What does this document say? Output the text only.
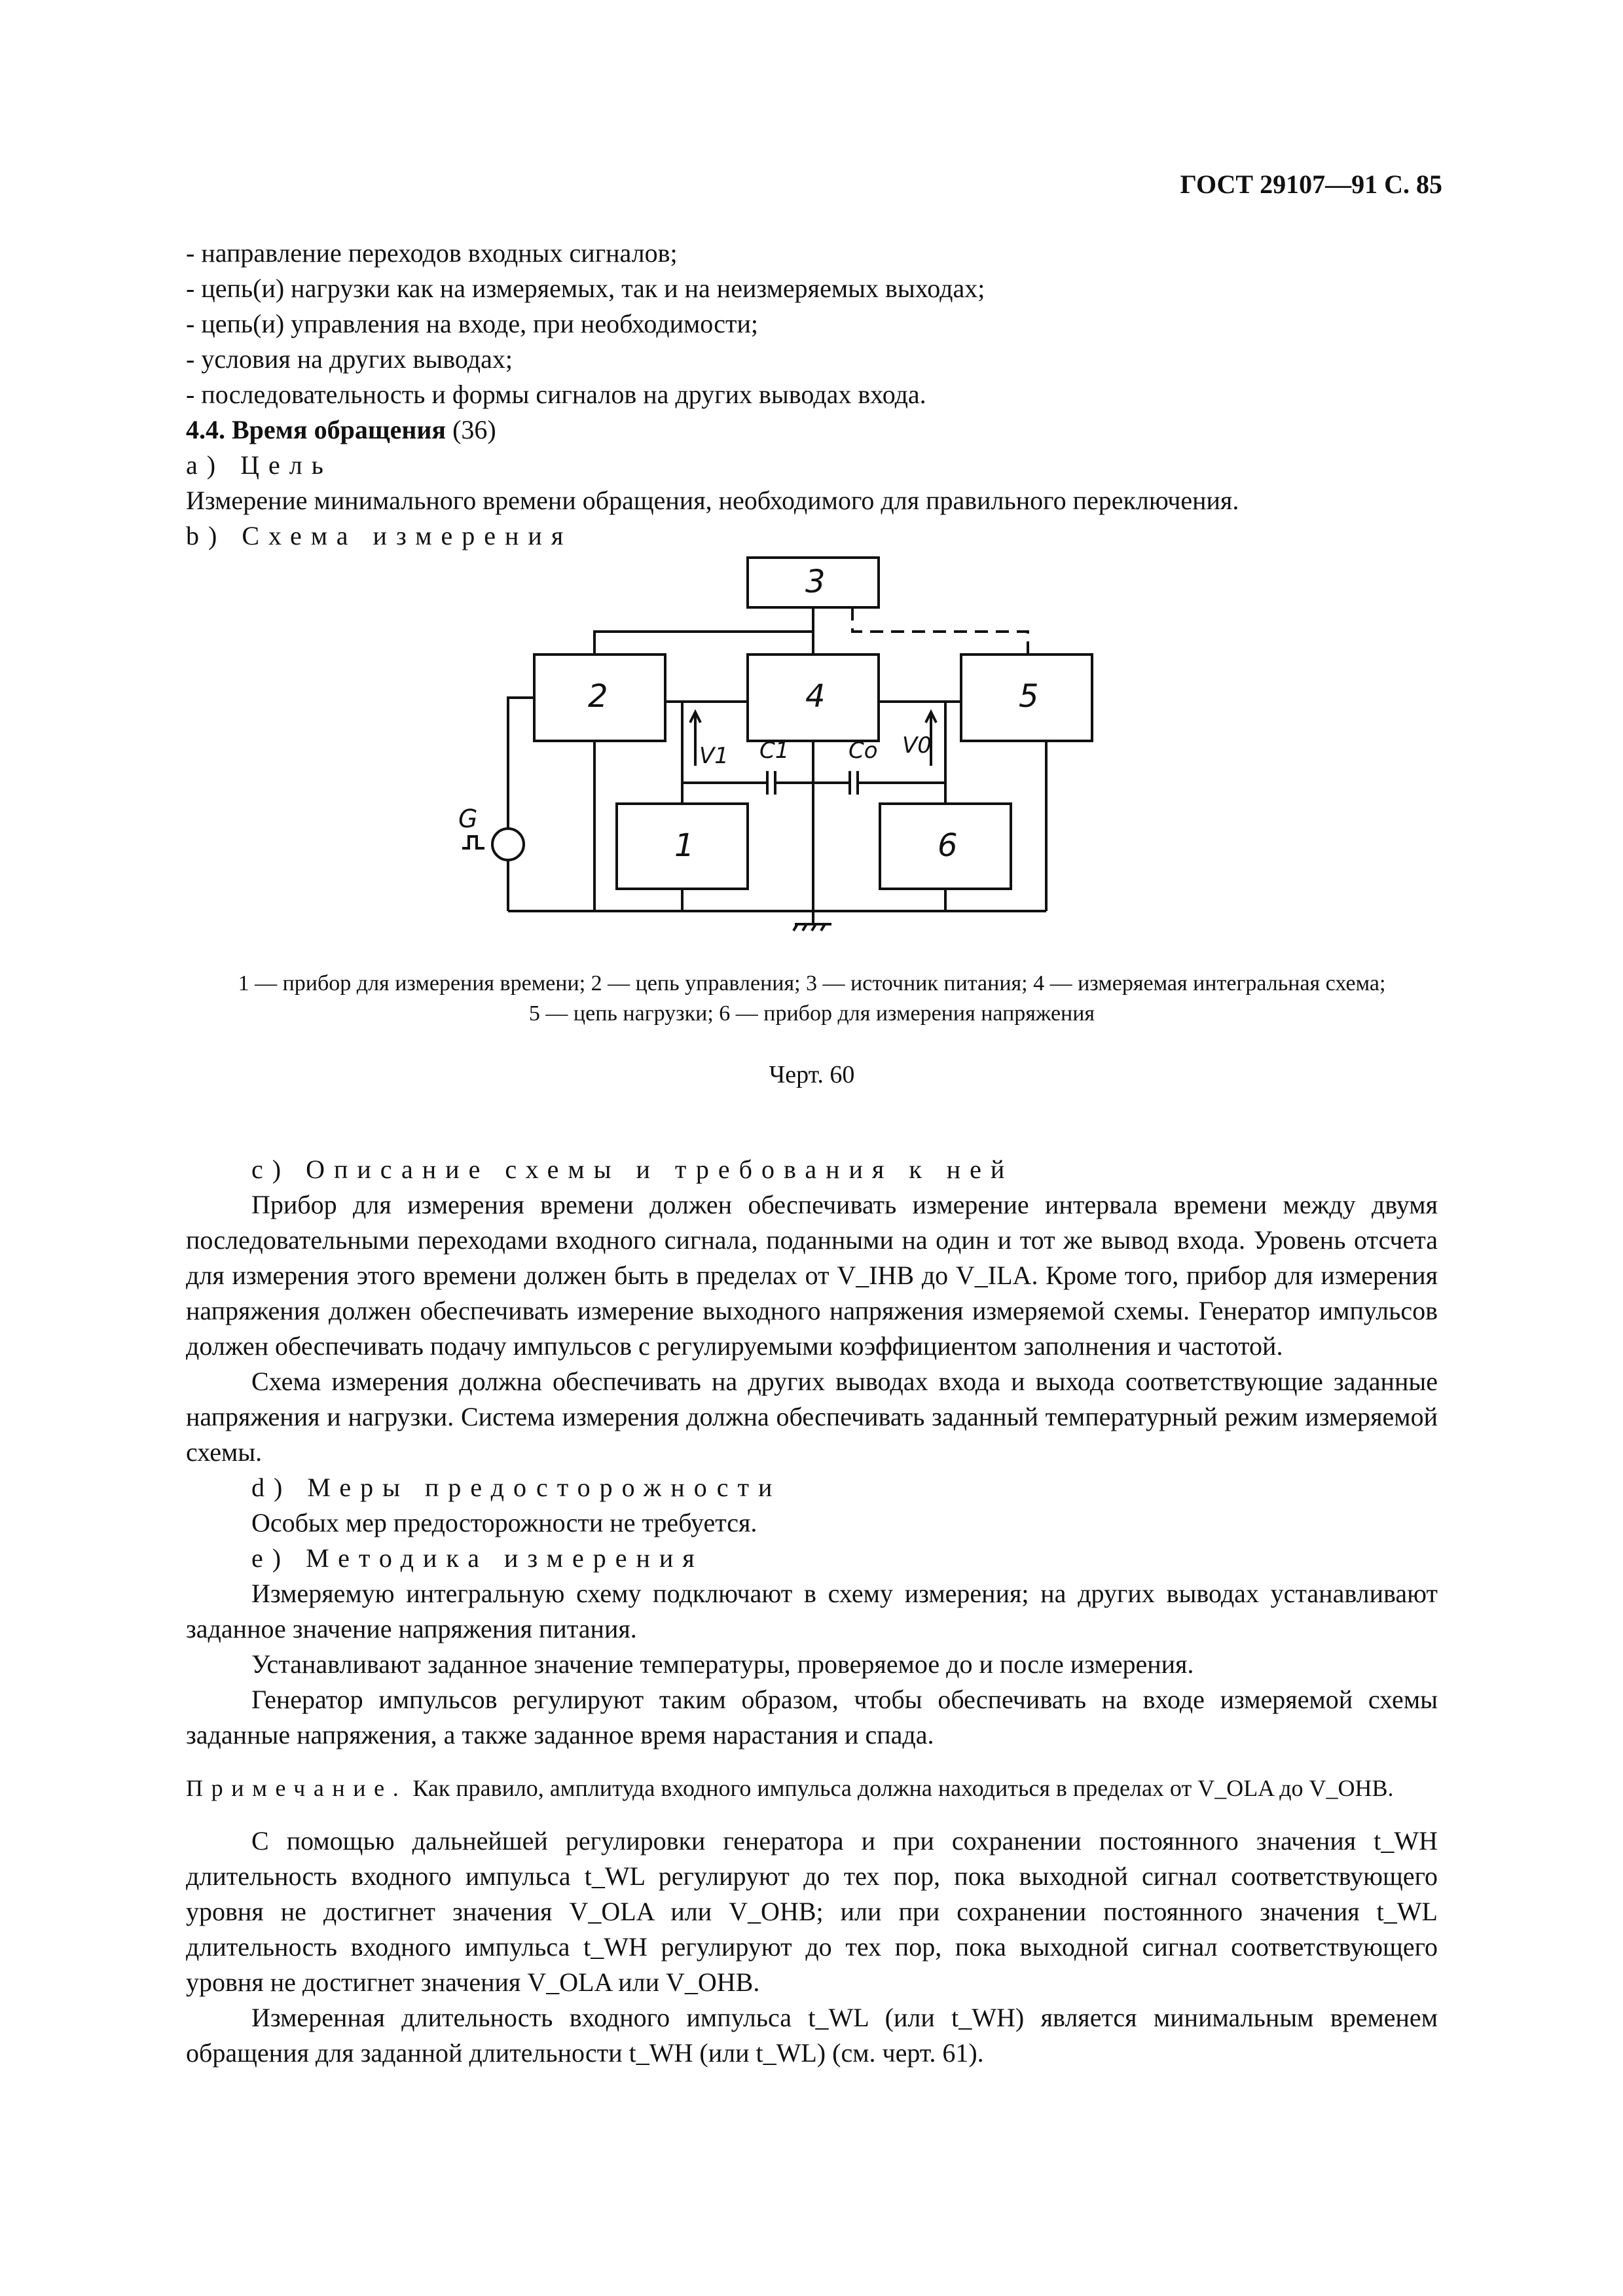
ГОСТ 29107—91 С. 85
- направление переходов входных сигналов;
- цепь(и) нагрузки как на измеряемых, так и на неизмеряемых выходах;
- цепь(и) управления на входе, при необходимости;
- условия на других выводах;
- последовательность и формы сигналов на других выводах входа.
4.4. Время обращения (36)
а) Цель
Измерение минимального времени обращения, необходимого для правильного переключения.
b) Схема измерения
3
2	4	5
1	6
G
V1 C1	Co V0
1 — прибор для измерения времени; 2 — цепь управления; 3 — источник питания; 4 — измеряемая интегральная схема;
5 — цепь нагрузки; 6 — прибор для измерения напряжения
Черт. 60
с) Описание схемы и требования к ней
Прибор для измерения времени должен обеспечивать измерение интервала времени между двумя последовательными переходами входного сигнала, поданными на один и тот же вывод входа. Уровень отсчета для измерения этого времени должен быть в пределах от V_IHB до V_ILA. Кроме того, прибор для измерения напряжения должен обеспечивать измерение выходного напряжения измеряемой схемы. Генератор импульсов должен обеспечивать подачу импульсов с регулируемыми коэффициентом заполнения и частотой.
Схема измерения должна обеспечивать на других выводах входа и выхода соответствующие заданные напряжения и нагрузки. Система измерения должна обеспечивать заданный температурный режим измеряемой схемы.
d) Меры предосторожности
Особых мер предосторожности не требуется.
е) Методика измерения
Измеряемую интегральную схему подключают в схему измерения; на других выводах устанавливают заданное значение напряжения питания.
Устанавливают заданное значение температуры, проверяемое до и после измерения.
Генератор импульсов регулируют таким образом, чтобы обеспечивать на входе измеряемой схемы заданные напряжения, а также заданное время нарастания и спада.
Примечание. Как правило, амплитуда входного импульса должна находиться в пределах от V_OLA до V_OHB.
С помощью дальнейшей регулировки генератора и при сохранении постоянного значения t_WH длительность входного импульса t_WL регулируют до тех пор, пока выходной сигнал соответствующего уровня не достигнет значения V_OLA или V_OHB; или при сохранении постоянного значения t_WL длительность входного импульса t_WH регулируют до тех пор, пока выходной сигнал соответствующего уровня не достигнет значения V_OLA или V_OHB.
Измеренная длительность входного импульса t_WL (или t_WH) является минимальным временем обращения для заданной длительности t_WH (или t_WL) (см. черт. 61).
